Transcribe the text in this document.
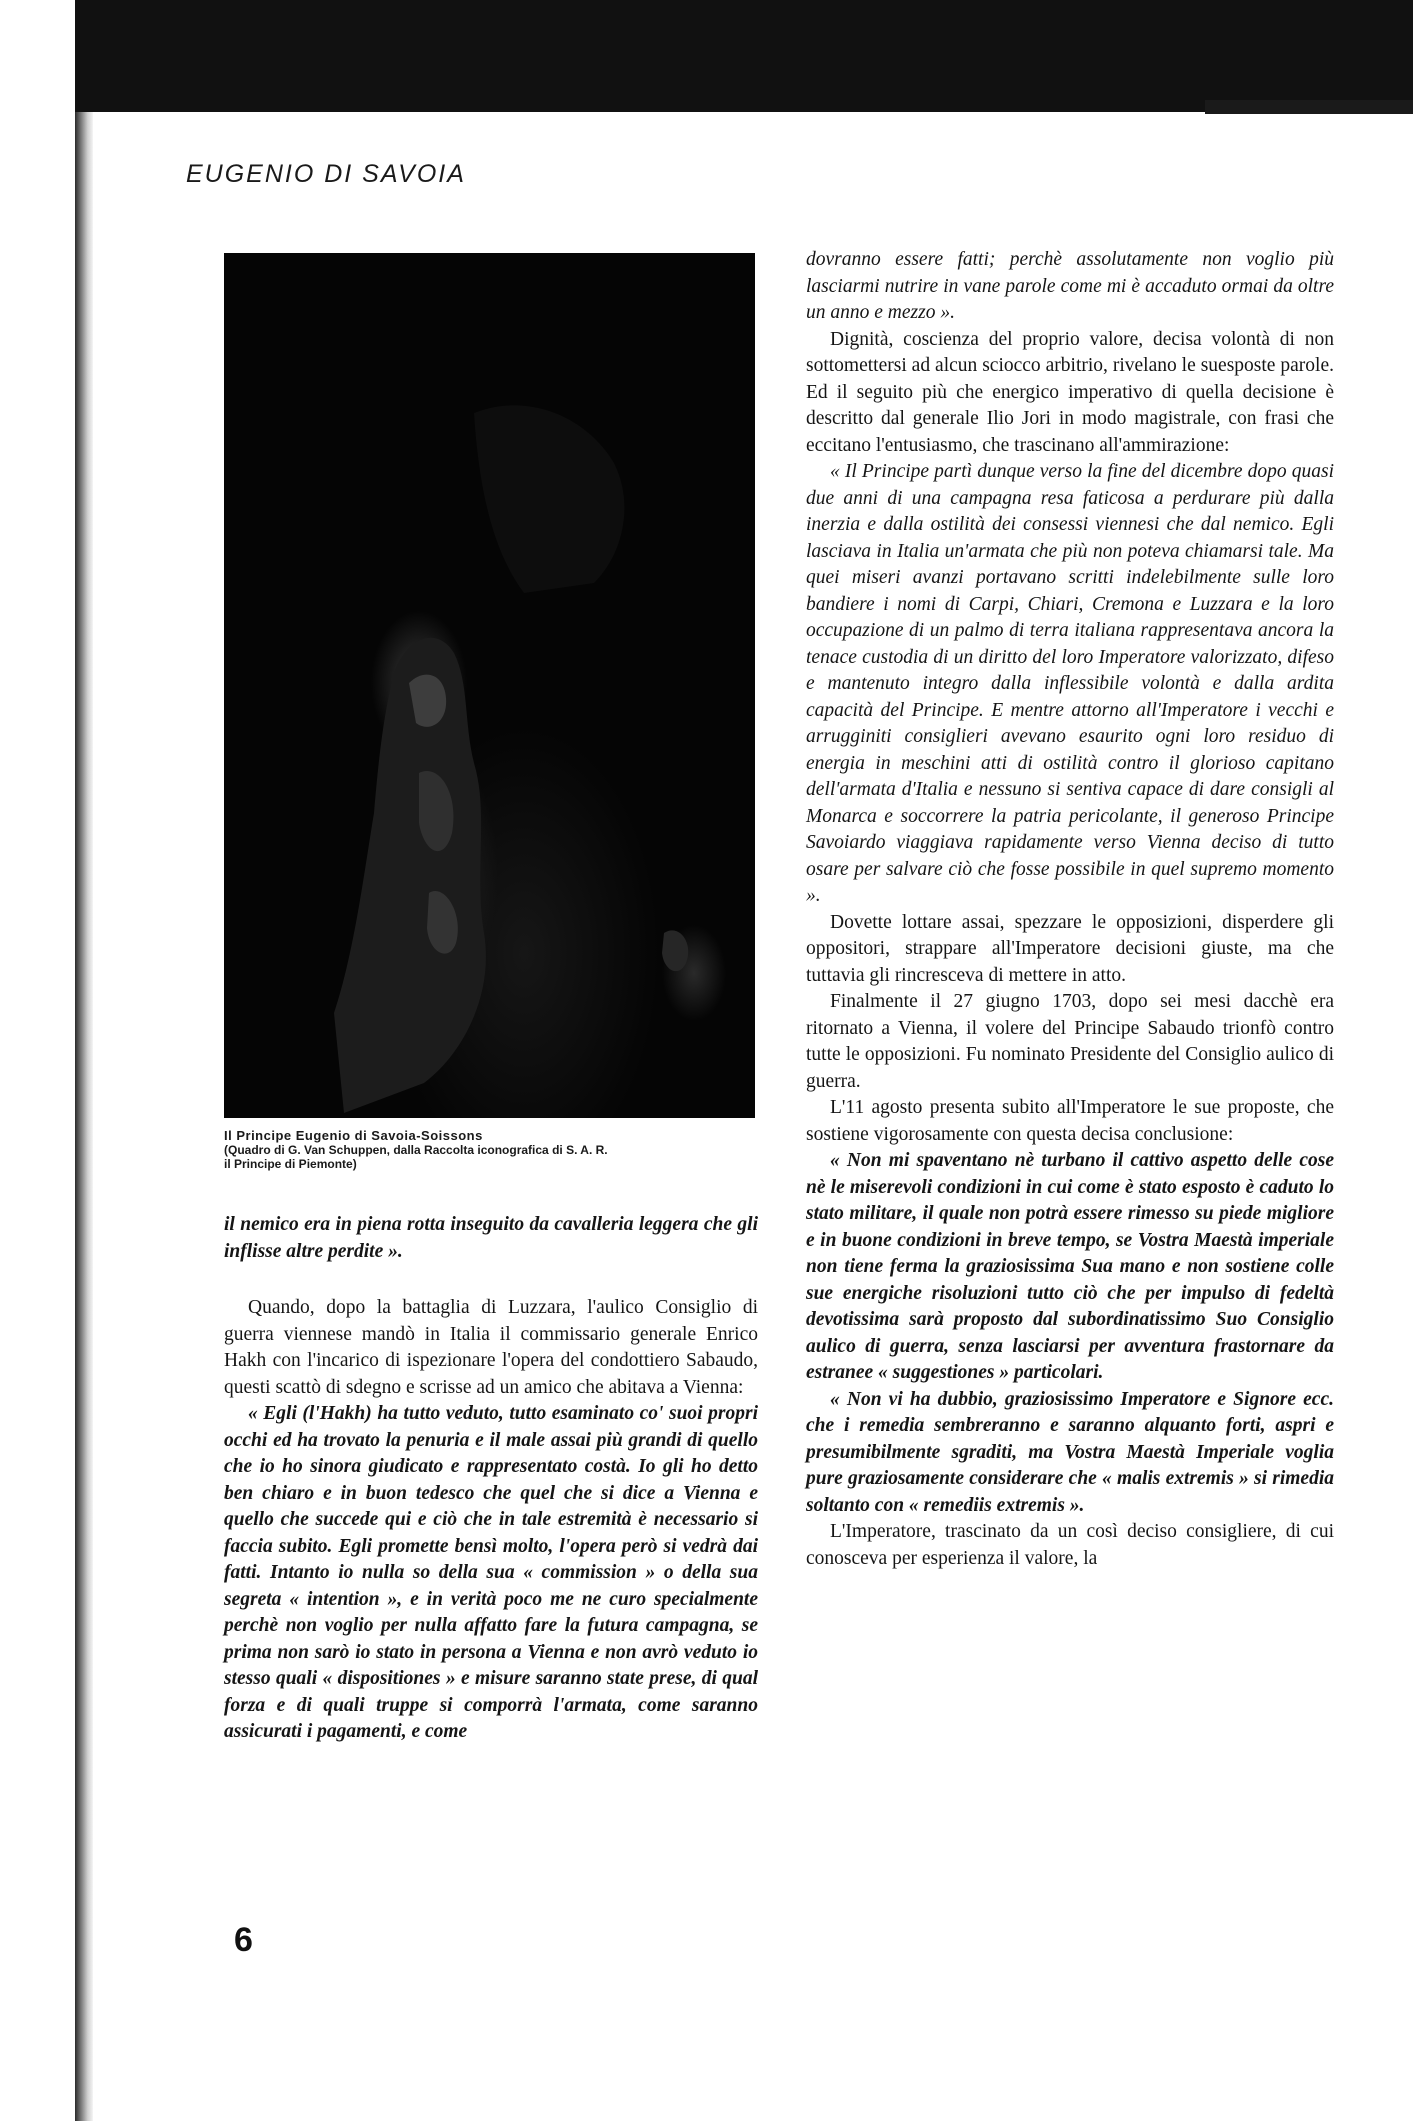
EUGENIO DI SAVOIA
Il Principe Eugenio di Savoia-Soissons
(Quadro di G. Van Schuppen, dalla Raccolta iconografica di S. A. R.
il Principe di Piemonte)

il nemico era in piena rotta inseguito da cavalleria leggera che gli inflisse altre perdite ».

Quando, dopo la battaglia di Luzzara, l'aulico Consiglio di guerra viennese mandò in Italia il commissario generale Enrico Hakh con l'incarico di ispezionare l'opera del condottiero Sabaudo, questi scattò di sdegno e scrisse ad un amico che abitava a Vienna:

« Egli (l'Hakh) ha tutto veduto, tutto esaminato co' suoi propri occhi ed ha trovato la penuria e il male assai più grandi di quello che io ho sinora giudicato e rappresentato costà. Io gli ho detto ben chiaro e in buon tedesco che quel che si dice a Vienna e quello che succede qui e ciò che in tale estremità è necessario si faccia subito. Egli promette bensì molto, l'opera però si vedrà dai fatti. Intanto io nulla so della sua « commission » o della sua segreta « intention », e in verità poco me ne curo specialmente perchè non voglio per nulla affatto fare la futura campagna, se prima non sarò io stato in persona a Vienna e non avrò veduto io stesso quali « dispositiones » e misure saranno state prese, di qual forza e di quali truppe si comporrà l'armata, come saranno assicurati i pagamenti, e come

dovranno essere fatti; perchè assolutamente non voglio più lasciarmi nutrire in vane parole come mi è accaduto ormai da oltre un anno e mezzo ».

Dignità, coscienza del proprio valore, decisa volontà di non sottomettersi ad alcun sciocco arbitrio, rivelano le suesposte parole. Ed il seguito più che energico imperativo di quella decisione è descritto dal generale Ilio Jori in modo magistrale, con frasi che eccitano l'entusiasmo, che trascinano all'ammirazione:

« Il Principe partì dunque verso la fine del dicembre dopo quasi due anni di una campagna resa faticosa a perdurare più dalla inerzia e dalla ostilità dei consessi viennesi che dal nemico. Egli lasciava in Italia un'armata che più non poteva chiamarsi tale. Ma quei miseri avanzi portavano scritti indelebilmente sulle loro bandiere i nomi di Carpi, Chiari, Cremona e Luzzara e la loro occupazione di un palmo di terra italiana rappresentava ancora la tenace custodia di un diritto del loro Imperatore valorizzato, difeso e mantenuto integro dalla inflessibile volontà e dalla ardita capacità del Principe. E mentre attorno all'Imperatore i vecchi e arrugginiti consiglieri avevano esaurito ogni loro residuo di energia in meschini atti di ostilità contro il glorioso capitano dell'armata d'Italia e nessuno si sentiva capace di dare consigli al Monarca e soccorrere la patria pericolante, il generoso Principe Savoiardo viaggiava rapidamente verso Vienna deciso di tutto osare per salvare ciò che fosse possibile in quel supremo momento ».

Dovette lottare assai, spezzare le opposizioni, disperdere gli oppositori, strappare all'Imperatore decisioni giuste, ma che tuttavia gli rincresceva di mettere in atto.

Finalmente il 27 giugno 1703, dopo sei mesi dacchè era ritornato a Vienna, il volere del Principe Sabaudo trionfò contro tutte le opposizioni. Fu nominato Presidente del Consiglio aulico di guerra.

L'11 agosto presenta subito all'Imperatore le sue proposte, che sostiene vigorosamente con questa decisa conclusione:

« Non mi spaventano nè turbano il cattivo aspetto delle cose nè le miserevoli condizioni in cui come è stato esposto è caduto lo stato militare, il quale non potrà essere rimesso su piede migliore e in buone condizioni in breve tempo, se Vostra Maestà imperiale non tiene ferma la graziosissima Sua mano e non sostiene colle sue energiche risoluzioni tutto ciò che per impulso di fedeltà devotissima sarà proposto dal subordinatissimo Suo Consiglio aulico di guerra, senza lasciarsi per avventura frastornare da estranee « suggestiones » particolari.

« Non vi ha dubbio, graziosissimo Imperatore e Signore ecc. che i remedia sembreranno e saranno alquanto forti, aspri e presumibilmente sgraditi, ma Vostra Maestà Imperiale voglia pure graziosamente considerare che « malis extremis » si rimedia soltanto con « remediis extremis ».

L'Imperatore, trascinato da un così deciso consigliere, di cui conosceva per esperienza il valore, la

6
